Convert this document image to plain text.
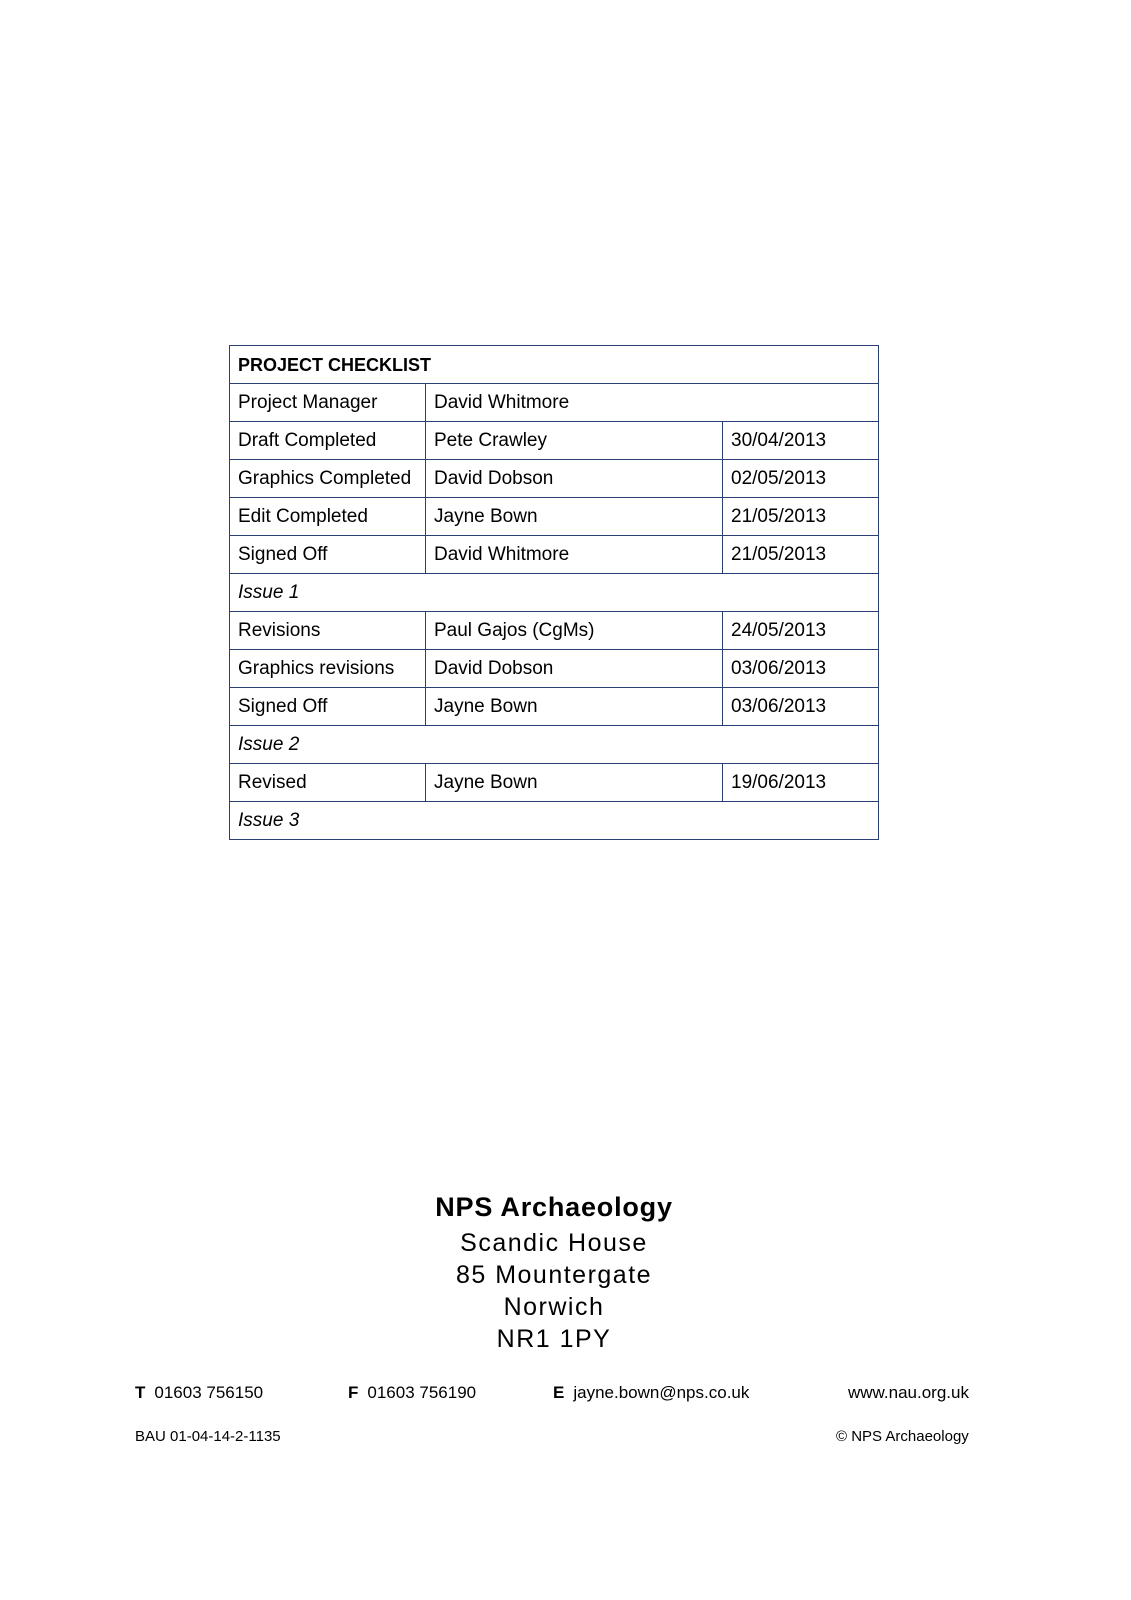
PROJECT CHECKLIST		
Project Manager	David Whitmore	
Draft Completed	Pete Crawley	30/04/2013
Graphics Completed	David Dobson	02/05/2013
Edit Completed	Jayne Bown	21/05/2013
Signed Off	David Whitmore	21/05/2013
Issue 1		
Revisions	Paul Gajos (CgMs)	24/05/2013
Graphics revisions	David Dobson	03/06/2013
Signed Off	Jayne Bown	03/06/2013
Issue 2		
Revised	Jayne Bown	19/06/2013
Issue 3		
NPS Archaeology
Scandic House
85 Mountergate
Norwich
NR1 1PY
T 01603 756150	F 01603 756190	E jayne.bown@nps.co.uk	www.nau.org.uk
BAU 01-04-14-2-1135	© NPS Archaeology
